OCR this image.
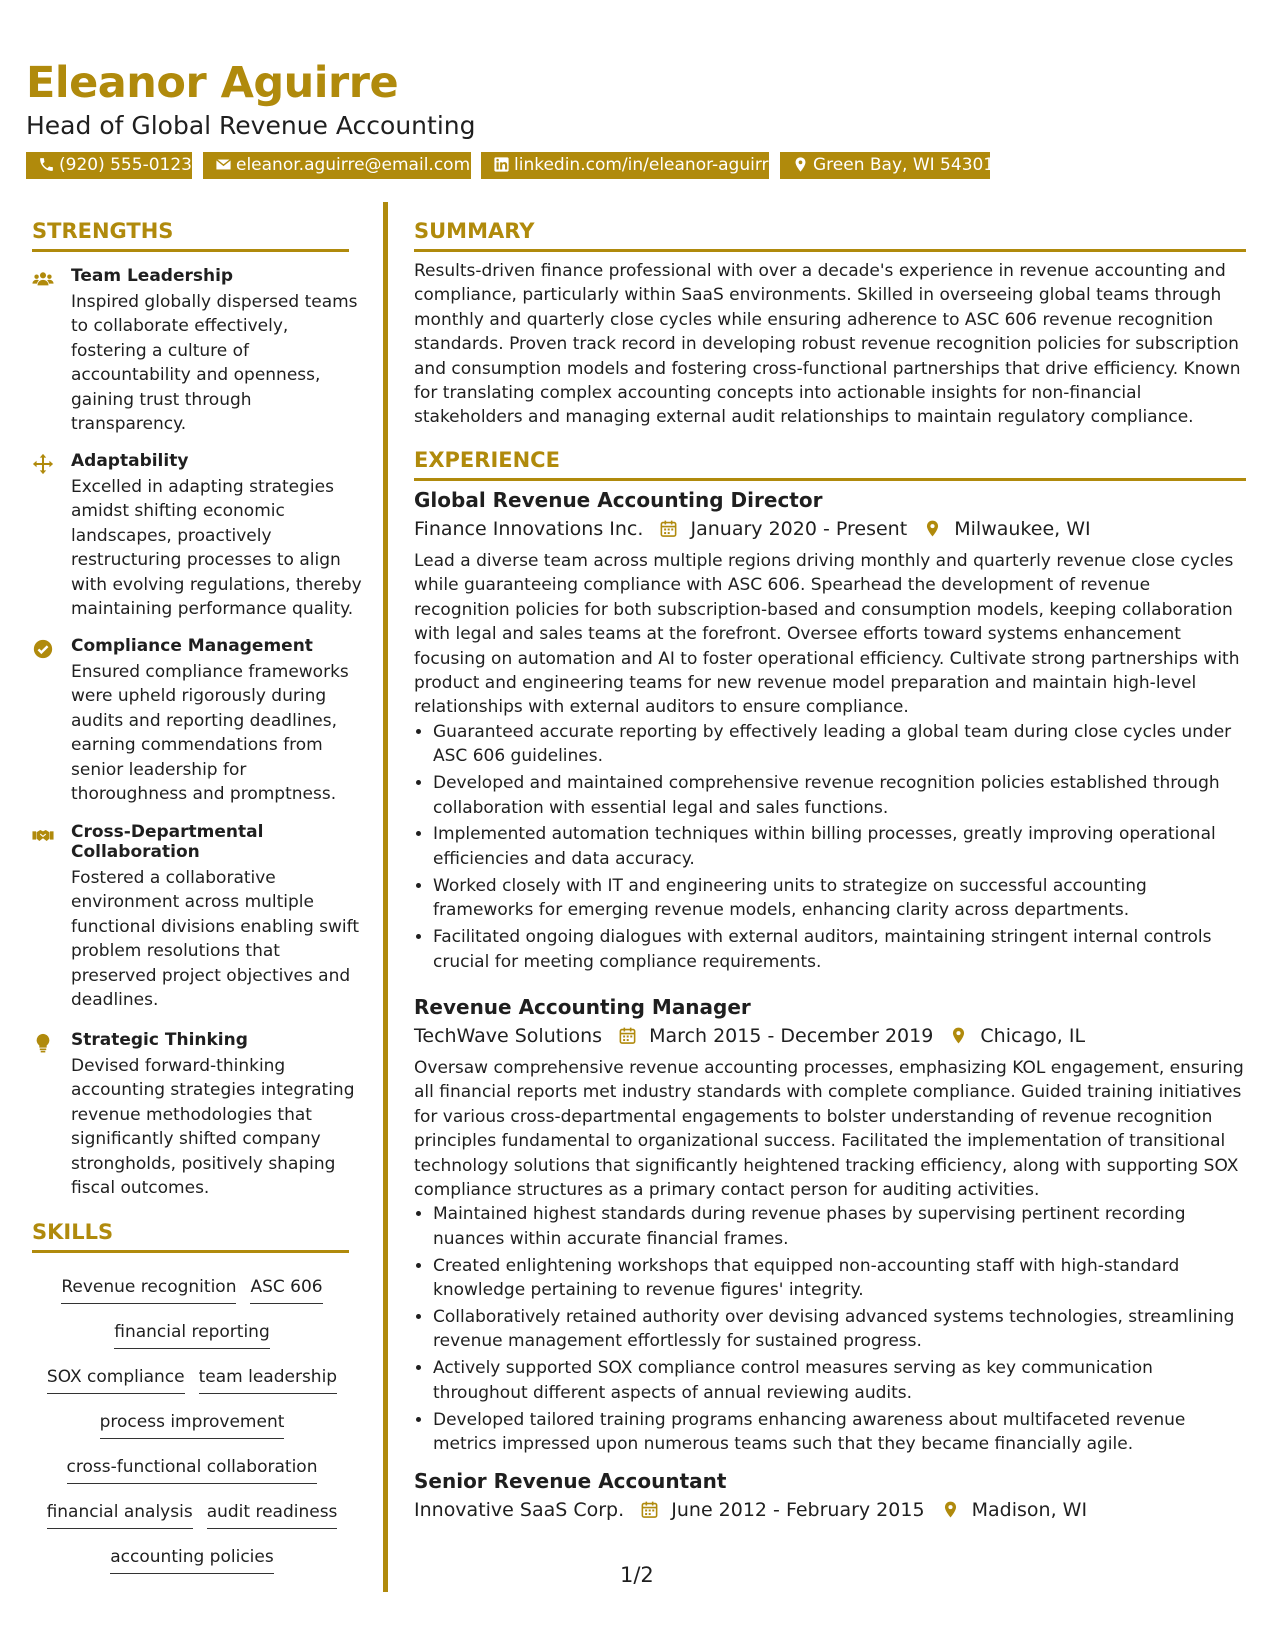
Eleanor Aguirre
Head of Global Revenue Accounting
(920) 555-0123	eleanor.aguirre@email.com	linkedin.com/in/eleanor-aguirre	Green Bay, WI 54301
STRENGTHS
Team Leadership
Inspired globally dispersed teams to collaborate effectively, fostering a culture of accountability and openness, gaining trust through transparency.
Adaptability
Excelled in adapting strategies amidst shifting economic landscapes, proactively restructuring processes to align with evolving regulations, thereby maintaining performance quality.
Compliance Management
Ensured compliance frameworks were upheld rigorously during audits and reporting deadlines, earning commendations from senior leadership for thoroughness and promptness.
Cross-Departmental Collaboration
Fostered a collaborative environment across multiple functional divisions enabling swift problem resolutions that preserved project objectives and deadlines.
Strategic Thinking
Devised forward-thinking accounting strategies integrating revenue methodologies that significantly shifted company strongholds, positively shaping fiscal outcomes.
SKILLS
Revenue recognition ASC 606
financial reporting
SOX compliance team leadership
process improvement
cross-functional collaboration
financial analysis audit readiness
accounting policies
SUMMARY

Results-driven finance professional with over a decade's experience in revenue accounting and compliance, particularly within SaaS environments. Skilled in overseeing global teams through monthly and quarterly close cycles while ensuring adherence to ASC 606 revenue recognition standards. Proven track record in developing robust revenue recognition policies for subscription and consumption models and fostering cross-functional partnerships that drive efficiency. Known for translating complex accounting concepts into actionable insights for non-financial stakeholders and managing external audit relationships to maintain regulatory compliance.

EXPERIENCE
Global Revenue Accounting Director
Finance Innovations Inc. January 2020 - Present Milwaukee, WI

Lead a diverse team across multiple regions driving monthly and quarterly revenue close cycles while guaranteeing compliance with ASC 606. Spearhead the development of revenue recognition policies for both subscription-based and consumption models, keeping collaboration with legal and sales teams at the forefront. Oversee efforts toward systems enhancement focusing on automation and AI to foster operational efficiency. Cultivate strong partnerships with product and engineering teams for new revenue model preparation and maintain high-level relationships with external auditors to ensure compliance.

• Guaranteed accurate reporting by effectively leading a global team during close cycles under ASC 606 guidelines.
• Developed and maintained comprehensive revenue recognition policies established through collaboration with essential legal and sales functions.
• Implemented automation techniques within billing processes, greatly improving operational efficiencies and data accuracy.
• Worked closely with IT and engineering units to strategize on successful accounting frameworks for emerging revenue models, enhancing clarity across departments.
• Facilitated ongoing dialogues with external auditors, maintaining stringent internal controls crucial for meeting compliance requirements.
Revenue Accounting Manager
TechWave Solutions March 2015 - December 2019 Chicago, IL

Oversaw comprehensive revenue accounting processes, emphasizing KOL engagement, ensuring all financial reports met industry standards with complete compliance. Guided training initiatives for various cross-departmental engagements to bolster understanding of revenue recognition principles fundamental to organizational success. Facilitated the implementation of transitional technology solutions that significantly heightened tracking efficiency, along with supporting SOX compliance structures as a primary contact person for auditing activities.

• Maintained highest standards during revenue phases by supervising pertinent recording nuances within accurate financial frames.
• Created enlightening workshops that equipped non-accounting staff with high-standard knowledge pertaining to revenue figures' integrity.
• Collaboratively retained authority over devising advanced systems technologies, streamlining revenue management effortlessly for sustained progress.
• Actively supported SOX compliance control measures serving as key communication throughout different aspects of annual reviewing audits.
• Developed tailored training programs enhancing awareness about multifaceted revenue metrics impressed upon numerous teams such that they became financially agile.
Senior Revenue Accountant
Innovative SaaS Corp. June 2012 - February 2015 Madison, WI
1/2
